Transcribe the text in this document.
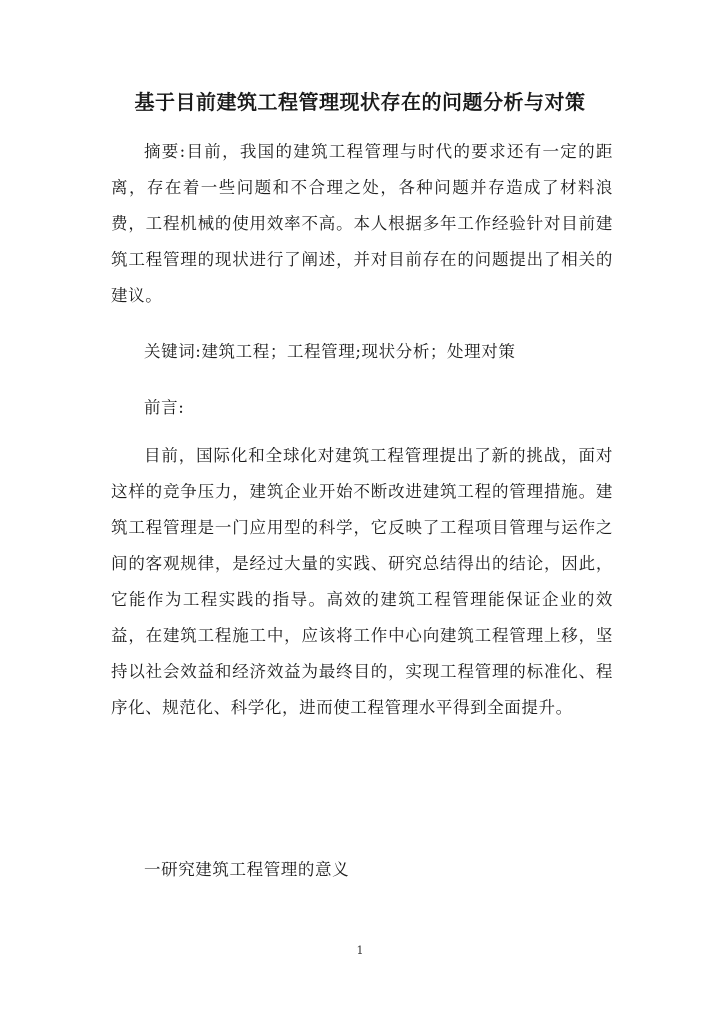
基于目前建筑工程管理现状存在的问题分析与对策

摘要:目前，我国的建筑工程管理与时代的要求还有一定的距离，存在着一些问题和不合理之处，各种问题并存造成了材料浪费，工程机械的使用效率不高。本人根据多年工作经验针对目前建筑工程管理的现状进行了阐述，并对目前存在的问题提出了相关的建议。

关键词:建筑工程；工程管理;现状分析；处理对策

前言:

目前，国际化和全球化对建筑工程管理提出了新的挑战，面对这样的竞争压力，建筑企业开始不断改进建筑工程的管理措施。建筑工程管理是一门应用型的科学，它反映了工程项目管理与运作之间的客观规律，是经过大量的实践、研究总结得出的结论，因此，它能作为工程实践的指导。高效的建筑工程管理能保证企业的效益，在建筑工程施工中，应该将工作中心向建筑工程管理上移，坚持以社会效益和经济效益为最终目的，实现工程管理的标准化、程序化、规范化、科学化，进而使工程管理水平得到全面提升。

一研究建筑工程管理的意义

1
